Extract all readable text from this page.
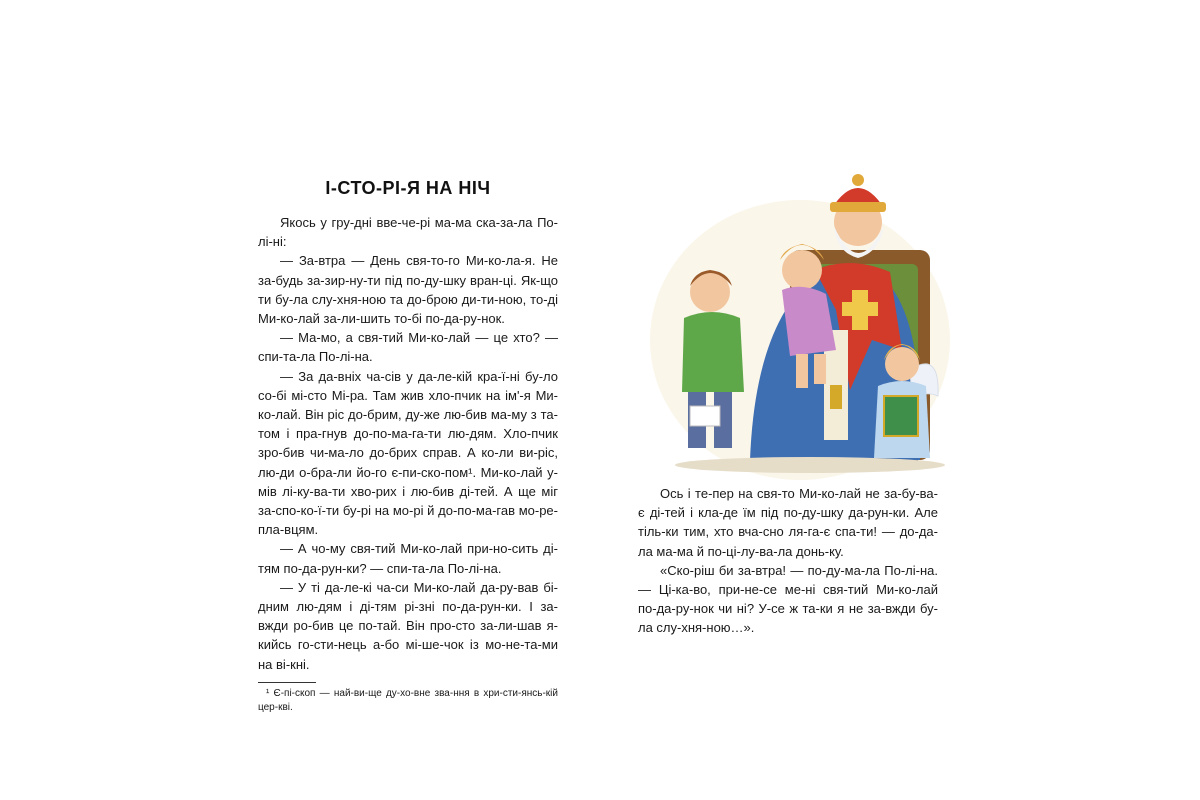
І-СТО-РІ-Я НА НІЧ

Якось у гру-дні вве-че-рі ма-ма ска-за-ла По-лі-ні:

— За-втра — День свя-то-го Ми-ко-ла-я. Не за-будь за-зир-ну-ти під по-ду-шку вран-ці. Як-що ти бу-ла слу-хня-ною та до-брою ди-ти-ною, то-ді Ми-ко-лай за-ли-шить то-бі по-да-ру-нок.

— Ма-мо, а свя-тий Ми-ко-лай — це хто? — спи-та-ла По-лі-на.

— За да-вніх ча-сів у да-ле-кій кра-ї-ні бу-ло со-бі мі-сто Мі-ра. Там жив хло-пчик на ім'-я Ми-ко-лай. Він ріс до-брим, ду-же лю-бив ма-му з та-том і пра-гнув до-по-ма-га-ти лю-дям. Хло-пчик зро-бив чи-ма-ло до-брих справ. А ко-ли ви-ріс, лю-ди о-бра-ли йо-го є-пи-ско-пом¹. Ми-ко-лай у-мів лі-ку-ва-ти хво-рих і лю-бив ді-тей. А ще міг за-спо-ко-ї-ти бу-рі на мо-рі й до-по-ма-гав мо-ре-пла-вцям.

— А чо-му свя-тий Ми-ко-лай при-но-сить ді-тям по-да-рун-ки? — спи-та-ла По-лі-на.

— У ті да-ле-кі ча-си Ми-ко-лай да-ру-вав бі-дним лю-дям і ді-тям рі-зні по-да-рун-ки. І за-вжди ро-бив це по-тай. Він про-сто за-ли-шав я-кийсь го-сти-нець а-бо мі-ше-чок із мо-не-та-ми на ві-кні.

¹ Є-пі-скоп — най-ви-ще ду-хо-вне зва-ння в хри-сти-янсь-кій цер-кві.

Ось і те-пер на свя-то Ми-ко-лай не за-бу-ва-є ді-тей і кла-де їм під по-ду-шку да-рун-ки. Але тіль-ки тим, хто вча-сно ля-га-є спа-ти! — до-да-ла ма-ма й по-ці-лу-ва-ла донь-ку.

«Ско-ріш би за-втра! — по-ду-ма-ла По-лі-на.— Ці-ка-во, при-не-се ме-ні свя-тий Ми-ко-лай по-да-ру-нок чи ні? У-се ж та-ки я не за-вжди бу-ла слу-хня-ною…».
